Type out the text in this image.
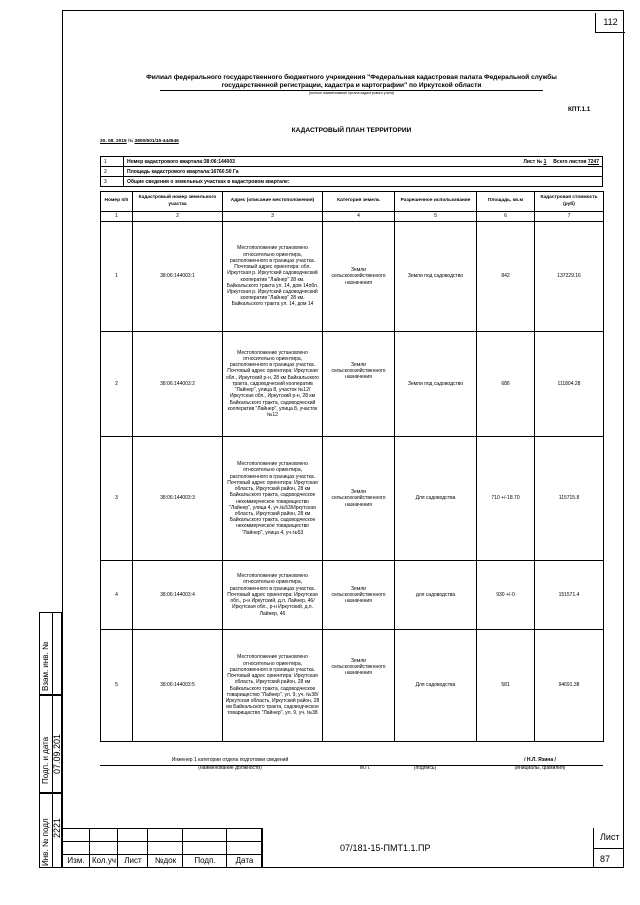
112
Взам. инв. №
Подп. и дата 07.09.201
Инв. № подл 2221
Филиал федерального государственного бюджетного учреждения "Федеральная кадастровая палата Федеральной службы
государственной регистрации, кадастра и картографии" по Иркутской области
(полное наименование органа кадастрового учета)
КПТ.1.1
КАДАСТРОВЫЙ ПЛАН ТЕРРИТОРИИ
20. 08. 2015 № 3800/601/15-444546
1	Номер кадастрового квартала:38:06:144003 Лист № 1 Всего листов 7247

2	Площадь кадастрового квартала:16760.50 Га
3	Общие сведения о земельных участках в кадастровом квартале:
Номер п/п	Кадастровый номер земельного участка	Адрес (описание местоположения)	Категория земель	Разрешенное использование	Площадь, кв.м	Кадастровая стоимость (руб)
1	2	3	4	5	6	7
1	38:06:144003:1	Местоположение установлено относительно ориентира, расположенного в границах участка. Почтовый адрес ориентира: обл. Иркутская р. Иркутский садоводческий кооператив "Лайнер" 28 км. Байкальского тракта ул. 14, дом 14обл. Иркутская р. Иркутский садоводческий кооператив "Лайнер" 28 км. Байкальского тракта ул. 14, дом 14	Земли сельскохозяйственного назначения	Земли под садоводство	842	137229.16
2	38:06:144003:2	Местоположение установлено относительно ориентира, расположенного в границах участка. Почтовый адрес ориентира: Иркутская обл., Иркутский р-н, 28 км Байкальского тракта, садоводческий кооператив "Лайнер", улица 8, участок №12/Иркутская обл., Иркутский р-н, 28 км Байкальского тракта, садоводческий кооператив "Лайнер", улица 8, участок №12	Земли сельскохозяйственного назначения	Земли под садоводство	686	111804.28
3	38:06:144003:3	Местоположение установлено относительно ориентира, расположенного в границах участка. Почтовый адрес ориентира: Иркутская область, Иркутский район, 28 км Байкальского тракта, садоводческое некоммерческое товарищество "Лайнер", улица 4, уч.№53/Иркутская область, Иркутский район, 28 км Байкальского тракта, садоводческое некоммерческое товарищество "Лайнер", улица 4, уч.№53	Земли сельскохозяйственного назначения	Для садоводства	710 +/-18.70	115715.8
4	38:06:144003:4	Местоположение установлено относительно ориентира, расположенного в границах участка. Почтовый адрес ориентира: Иркутская обл., р-н Иркутский, д.п. Лайнер, 46/Иркутская обл., р-н Иркутский, д.п. Лайнер, 46	Земли сельскохозяйственного назначения	для садоводства	930 +/-0	151571.4
5	38:06:144003:5	Местоположение установлено относительно ориентира, расположенного в границах участка. Почтовый адрес ориентира: Иркутская область, Иркутский район, 28 км Байкальского тракта, садоводческое товарищество "Лайнер", ул. 9, уч. №38/Иркутская область, Иркутский район, 28 км Байкальского тракта, садоводческое товарищество "Лайнер", ул. 9, уч. №38	Земли сельскохозяйственного назначения	Для садоводства	581	94691.38
Инженер 1 категории отдела подготовки сведений
(наименование должности)	М.П.	(подпись)
/ Н.Л. Язина /
(инициалы, фамилия)
Изм. Кол.уч	Лист	№док	Подп.	Дата
07/181-15-ПМТ1.1.ПР
Лист
87
